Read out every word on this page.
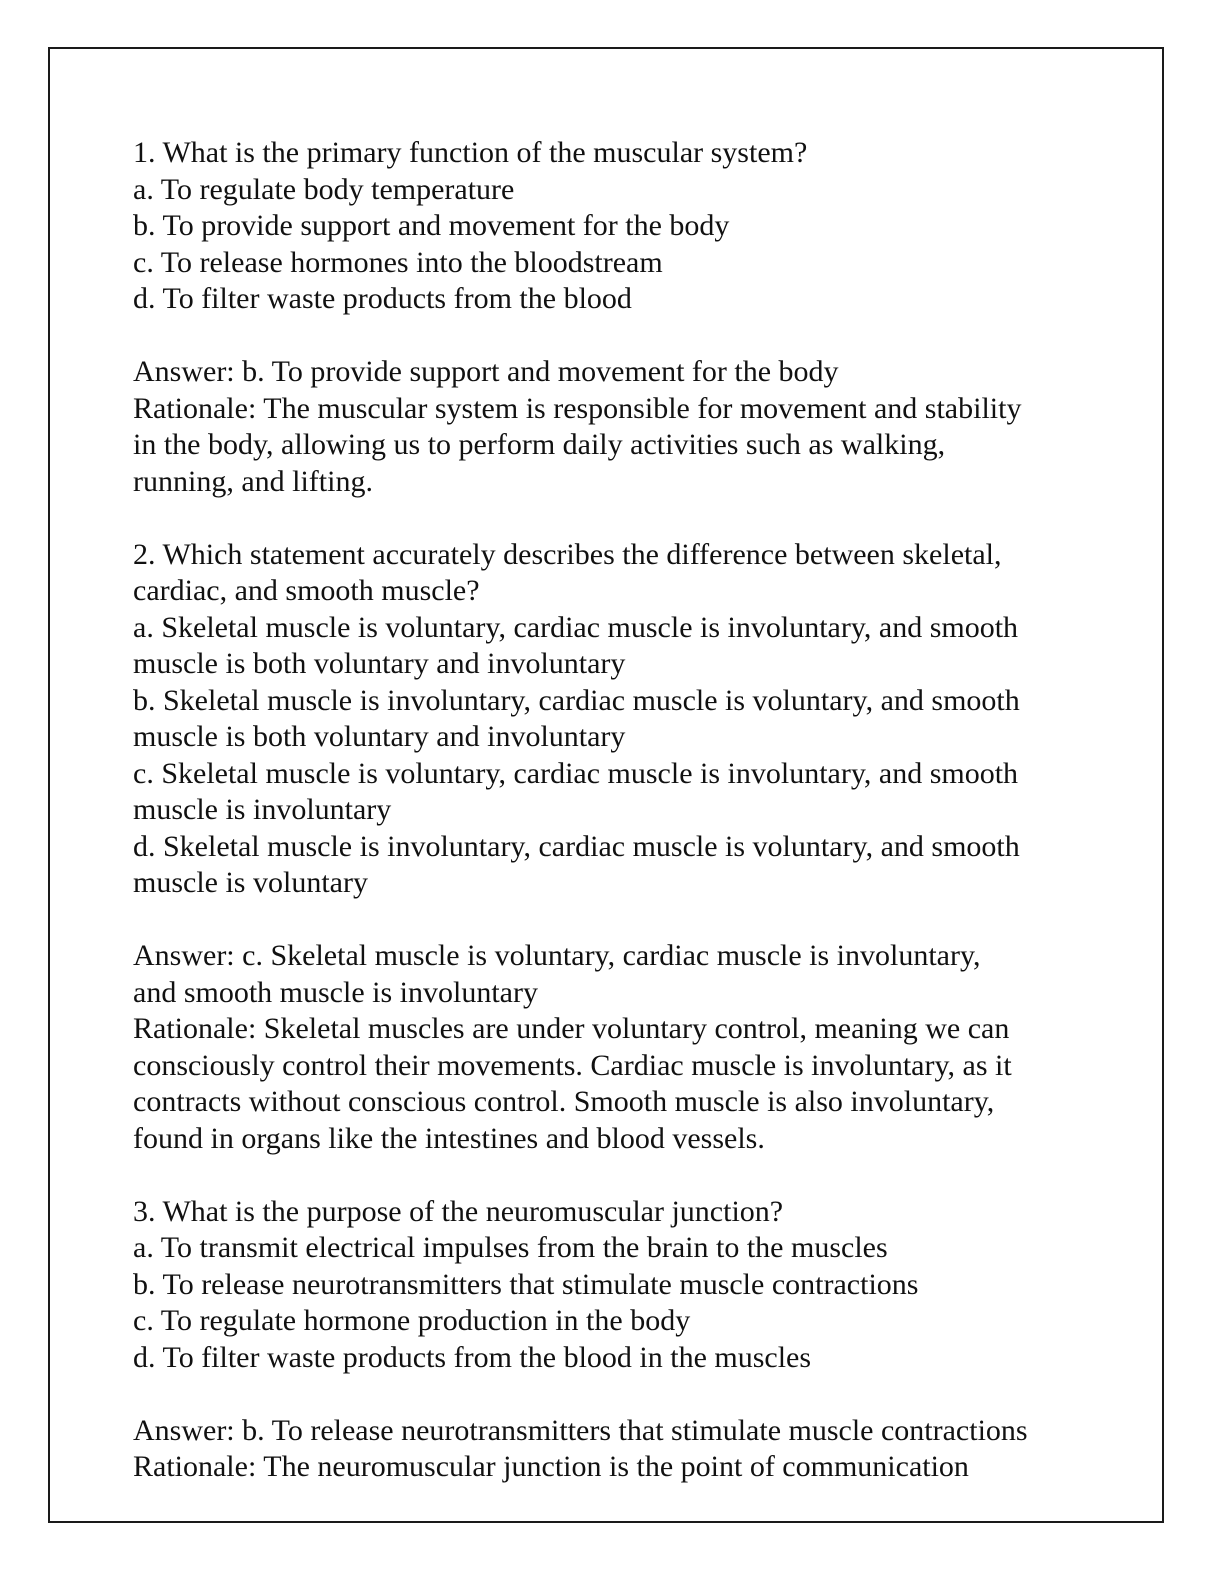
1. What is the primary function of the muscular system?
a. To regulate body temperature
b. To provide support and movement for the body
c. To release hormones into the bloodstream
d. To filter waste products from the blood
Answer: b. To provide support and movement for the body
Rationale: The muscular system is responsible for movement and stability
in the body, allowing us to perform daily activities such as walking,
running, and lifting.
2. Which statement accurately describes the difference between skeletal,
cardiac, and smooth muscle?
a. Skeletal muscle is voluntary, cardiac muscle is involuntary, and smooth
muscle is both voluntary and involuntary
b. Skeletal muscle is involuntary, cardiac muscle is voluntary, and smooth
muscle is both voluntary and involuntary
c. Skeletal muscle is voluntary, cardiac muscle is involuntary, and smooth
muscle is involuntary
d. Skeletal muscle is involuntary, cardiac muscle is voluntary, and smooth
muscle is voluntary
Answer: c. Skeletal muscle is voluntary, cardiac muscle is involuntary,
and smooth muscle is involuntary
Rationale: Skeletal muscles are under voluntary control, meaning we can
consciously control their movements. Cardiac muscle is involuntary, as it
contracts without conscious control. Smooth muscle is also involuntary,
found in organs like the intestines and blood vessels.
3. What is the purpose of the neuromuscular junction?
a. To transmit electrical impulses from the brain to the muscles
b. To release neurotransmitters that stimulate muscle contractions
c. To regulate hormone production in the body
d. To filter waste products from the blood in the muscles
Answer: b. To release neurotransmitters that stimulate muscle contractions
Rationale: The neuromuscular junction is the point of communication
